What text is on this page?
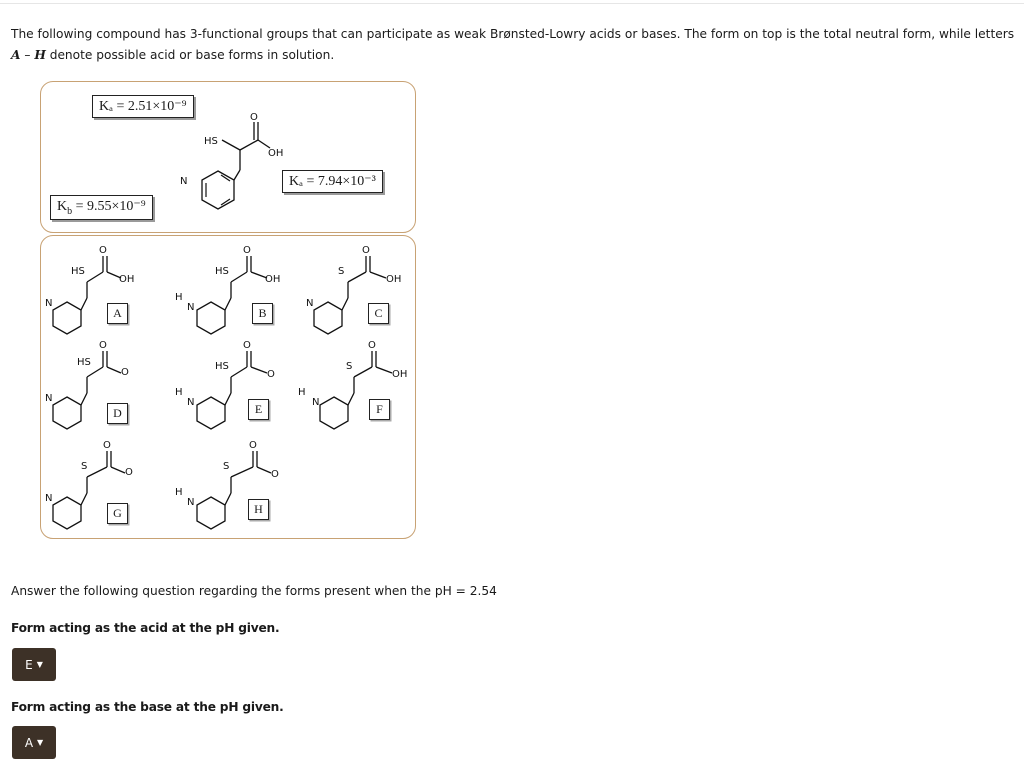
The following compound has 3-functional groups that can participate as weak Brønsted-Lowry acids or bases. The form on top is the total neutral form, while letters
A – H denote possible acid or base forms in solution.
Kₐ = 2.51×10⁻⁹
Kₐ = 7.94×10⁻³
$K_b = 9.55\times 10^{-9}$
O
OH
HS
N
O
OH
HS
N
A
O
OH
HS
H
N	B
O
OH
S
N
C
O
O
HS
N
D
O
O
HS
H
N	E
O
OH
S
H
N	F
O
O
S
N
G
O
O
S
H
N	H
Answer the following question regarding the forms present when the pH = 2.54
Form acting as the acid at the pH given.
E ▼
Form acting as the base at the pH given.
A ▼
